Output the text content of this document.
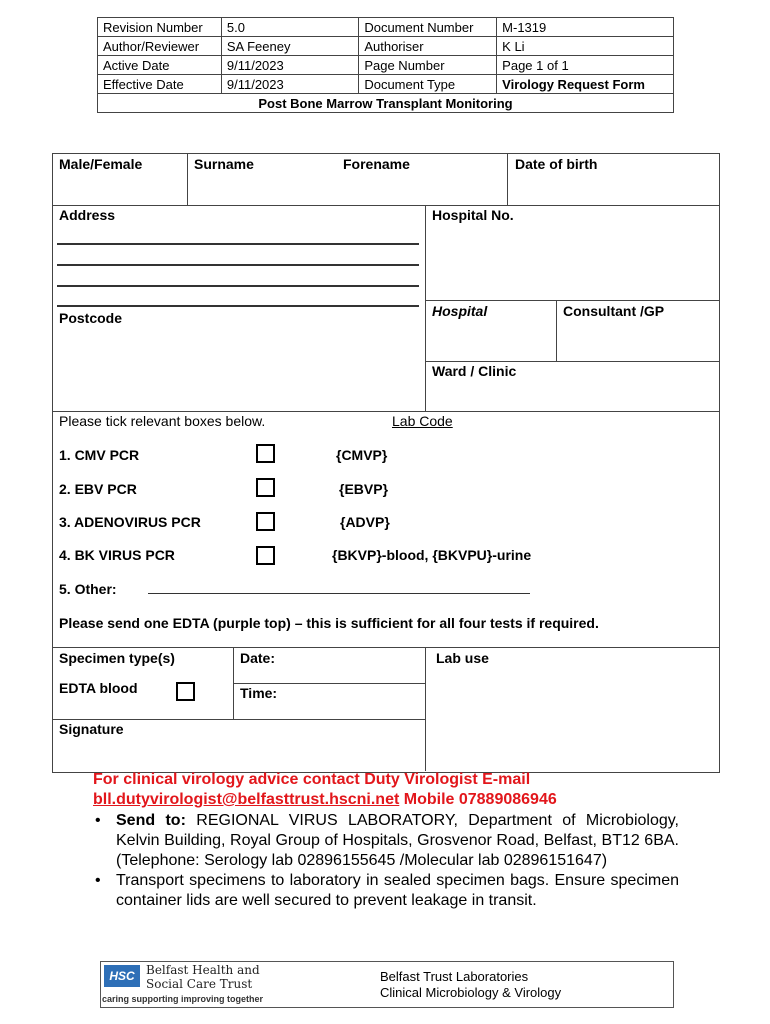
Revision Number	5.0	Document Number	M-1319
Author/Reviewer	SA Feeney	Authoriser	K Li
Active Date	9/11/2023	Page Number	Page 1 of 1
Effective Date	9/11/2023	Document Type	Virology Request Form
Post Bone Marrow Transplant Monitoring			
Male/Female	Surname	Forename	Date of birth
Address
Postcode
Hospital No.
Hospital	Consultant /GP
Ward / Clinic
Please tick relevant boxes below.	Lab Code
1. CMV PCR	{CMVP}
2. EBV PCR	{EBVP}
3. ADENOVIRUS PCR	{ADVP}
4. BK VIRUS PCR	{BKVP}-blood, {BKVPU}-urine
5. Other:
Please send one EDTA (purple top) – this is sufficient for all four tests if required.
Specimen type(s)	Date:	Lab use
EDTA blood	Time:
Signature
For clinical virology advice contact Duty Virologist E-mail
bll.dutyvirologist@belfasttrust.hscni.net Mobile 07889086946
• Send to: REGIONAL VIRUS LABORATORY, Department of Microbiology, Kelvin Building, Royal Group of Hospitals, Grosvenor Road, Belfast, BT12 6BA. (Telephone: Serology lab 02896155645 /Molecular lab 02896151647)
• Transport specimens to laboratory in sealed specimen bags. Ensure specimen container lids are well secured to prevent leakage in transit.
HSC Belfast Health and
Social Care Trust
caring supporting improving together
Belfast Trust Laboratories
Clinical Microbiology & Virology
